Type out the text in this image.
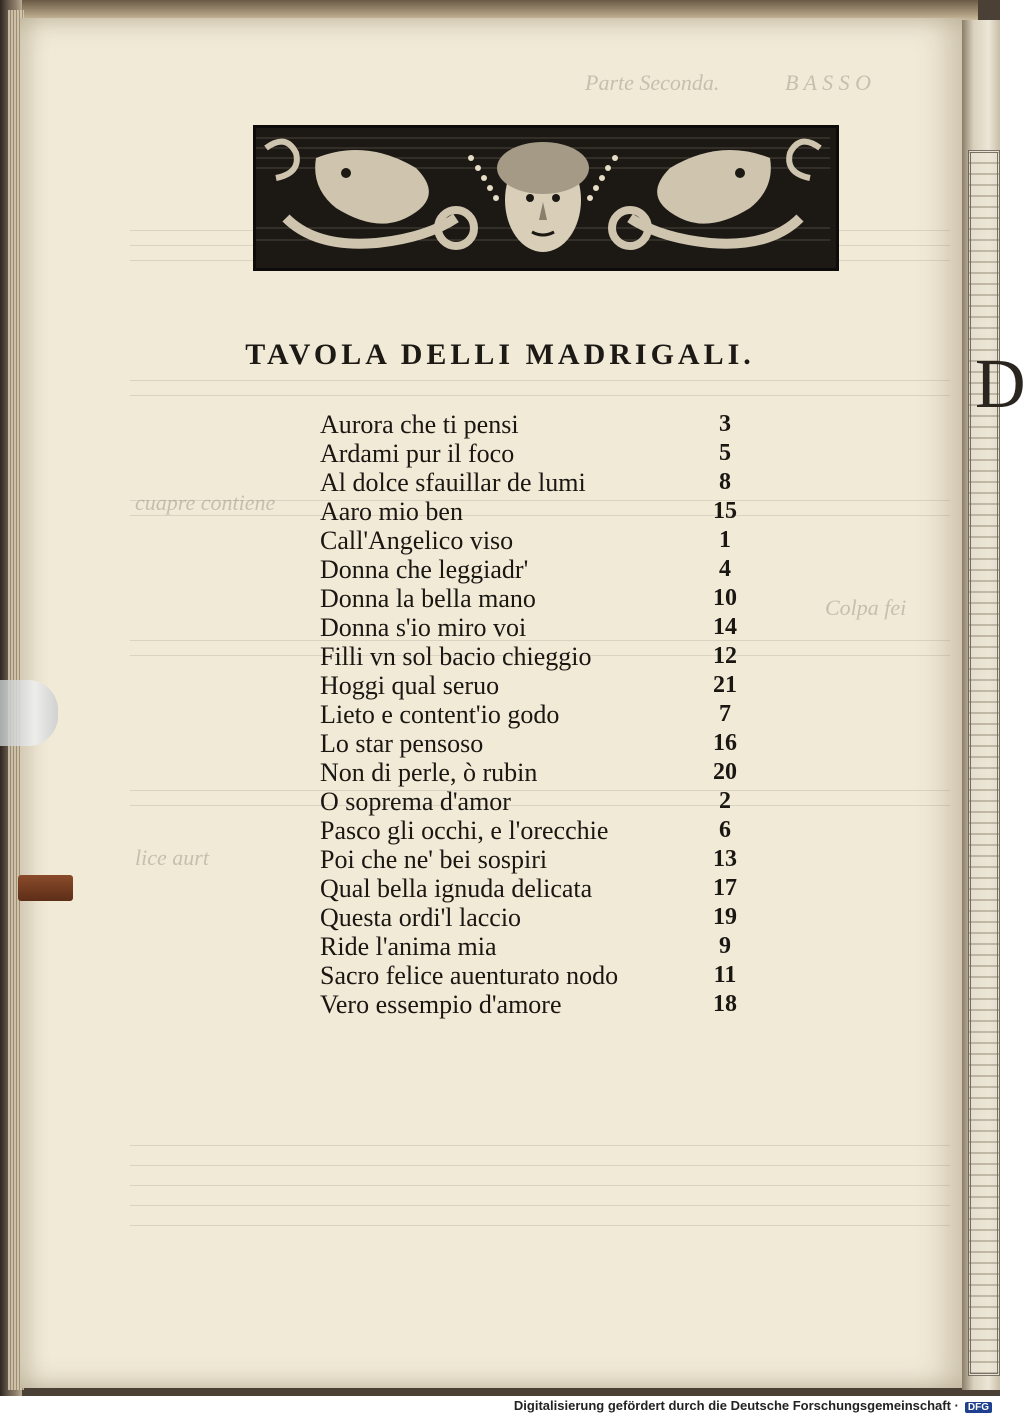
D
B A S S O
Parte Seconda.
cuapre contiene
Colpa fei
lice aurt
TAVOLA DELLI MADRIGALI.
Aurora che ti pensi	3
Ardami pur il foco	5
Al dolce sfauillar de lumi	8
Aaro mio ben	15
Call'Angelico viso	1
Donna che leggiadr'	4
Donna la bella mano	10
Donna s'io miro voi	14
Filli vn sol bacio chieggio	12
Hoggi qual seruo	21
Lieto e content'io godo	7
Lo star pensoso	16
Non di perle, ò rubin	20
O soprema d'amor	2
Pasco gli occhi, e l'orecchie	6
Poi che ne' bei sospiri	13
Qual bella ignuda delicata	17
Questa ordi'l laccio	19
Ride l'anima mia	9
Sacro felice auenturato nodo	11
Vero essempio d'amore	18
Digitalisierung gefördert durch die Deutsche Forschungsgemeinschaft · DFG
